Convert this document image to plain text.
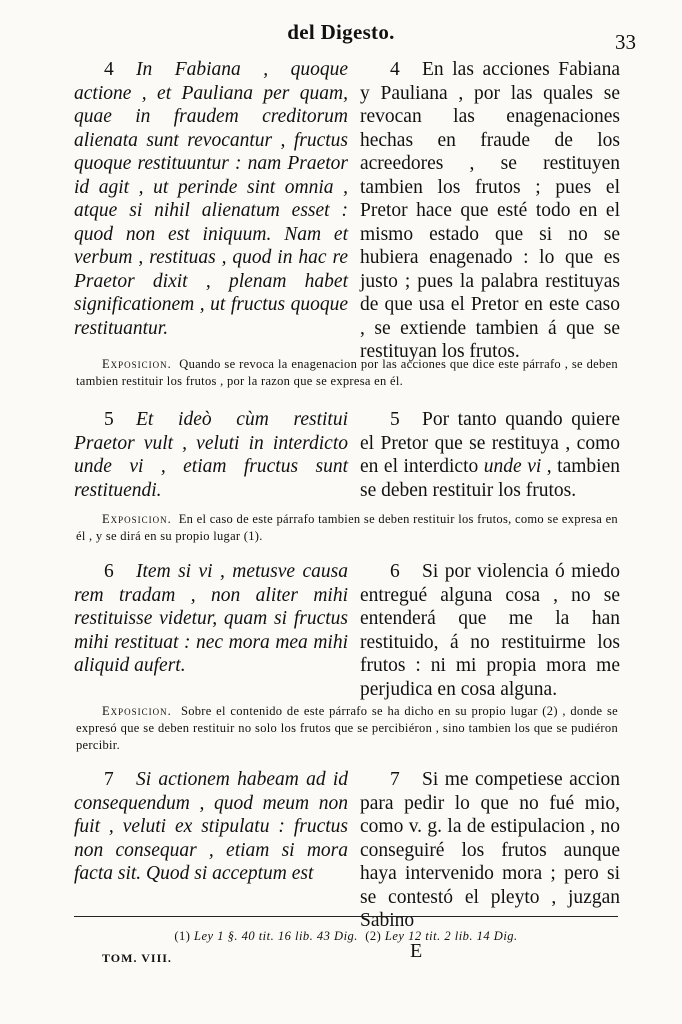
del Digesto.	33
4 In Fabiana , quoque actione , et Pauliana per quam, quae in fraudem creditorum alienata sunt revocantur , fructus quoque restituuntur : nam Praetor id agit , ut perinde sint omnia , atque si nihil alienatum esset : quod non est iniquum. Nam et verbum , restituas , quod in hac re Praetor dixit , plenam habet significationem , ut fructus quoque restituantur.
4 En las acciones Fabiana y Pauliana , por las quales se revocan las enagenaciones hechas en fraude de los acreedores , se restituyen tambien los frutos ; pues el Pretor hace que esté todo en el mismo estado que si no se hubiera enagenado : lo que es justo ; pues la palabra restituyas de que usa el Pretor en este caso , se extiende tambien á que se restituyan los frutos.
Exposicion. Quando se revoca la enagenacion por las acciones que dice este párrafo , se deben tambien restituir los frutos , por la razon que se expresa en él.
5 Et ideò cùm restitui Praetor vult , veluti in interdicto unde vi , etiam fructus sunt restituendi.
5 Por tanto quando quiere el Pretor que se restituya , como en el interdicto unde vi , tambien se deben restituir los frutos.
Exposicion. En el caso de este párrafo tambien se deben restituir los frutos, como se expresa en él , y se dirá en su propio lugar (1).
6 Item si vi , metusve causa rem tradam , non aliter mihi restituisse videtur, quam si fructus mihi restituat : nec mora mea mihi aliquid aufert.
6 Si por violencia ó miedo entregué alguna cosa , no se entenderá que me la han restituido, á no restituirme los frutos : ni mi propia mora me perjudica en cosa alguna.
Exposicion. Sobre el contenido de este párrafo se ha dicho en su propio lugar (2) , donde se expresó que se deben restituir no solo los frutos que se percibiéron , sino tambien los que se pudiéron percibir.
7 Si actionem habeam ad id consequendum , quod meum non fuit , veluti ex stipulatu : fructus non consequar , etiam si mora facta sit. Quod si acceptum est
7 Si me competiese accion para pedir lo que no fué mio, como v. g. la de estipulacion , no conseguiré los frutos aunque haya intervenido mora ; pero si se contestó el pleyto , juzgan Sabino
(1) Ley 1 §. 40 tit. 16 lib. 43 Dig. (2) Ley 12 tit. 2 lib. 14 Dig.
TOM. VIII.	E
